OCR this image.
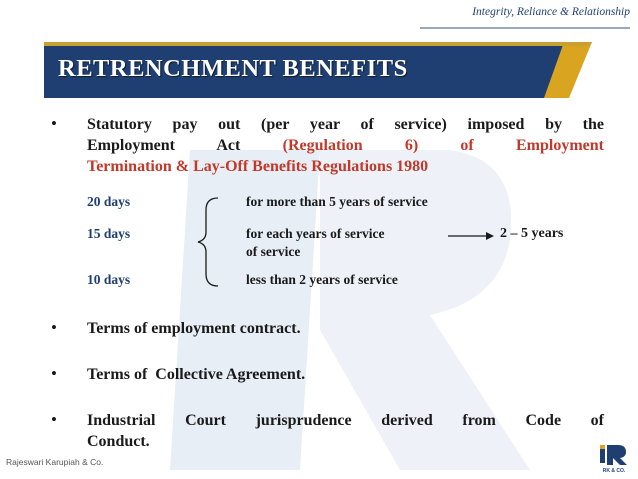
Integrity, Reliance & Relationship
RETRENCHMENT BENEFITS
• Statutory pay out (per year of service) imposed by the
Employment Act (Regulation 6) of Employment
Termination & Lay-Off Benefits Regulations 1980
20 days	for more than 5 years of service
15 days	for each years of service
of service
2 – 5 years
10 days	less than 2 years of service
• Terms of employment contract.
• Terms of  Collective Agreement.
• Industrial Court jurisprudence derived from Code of
Conduct.
Rajeswari Karupiah & Co.
RK & CO.
